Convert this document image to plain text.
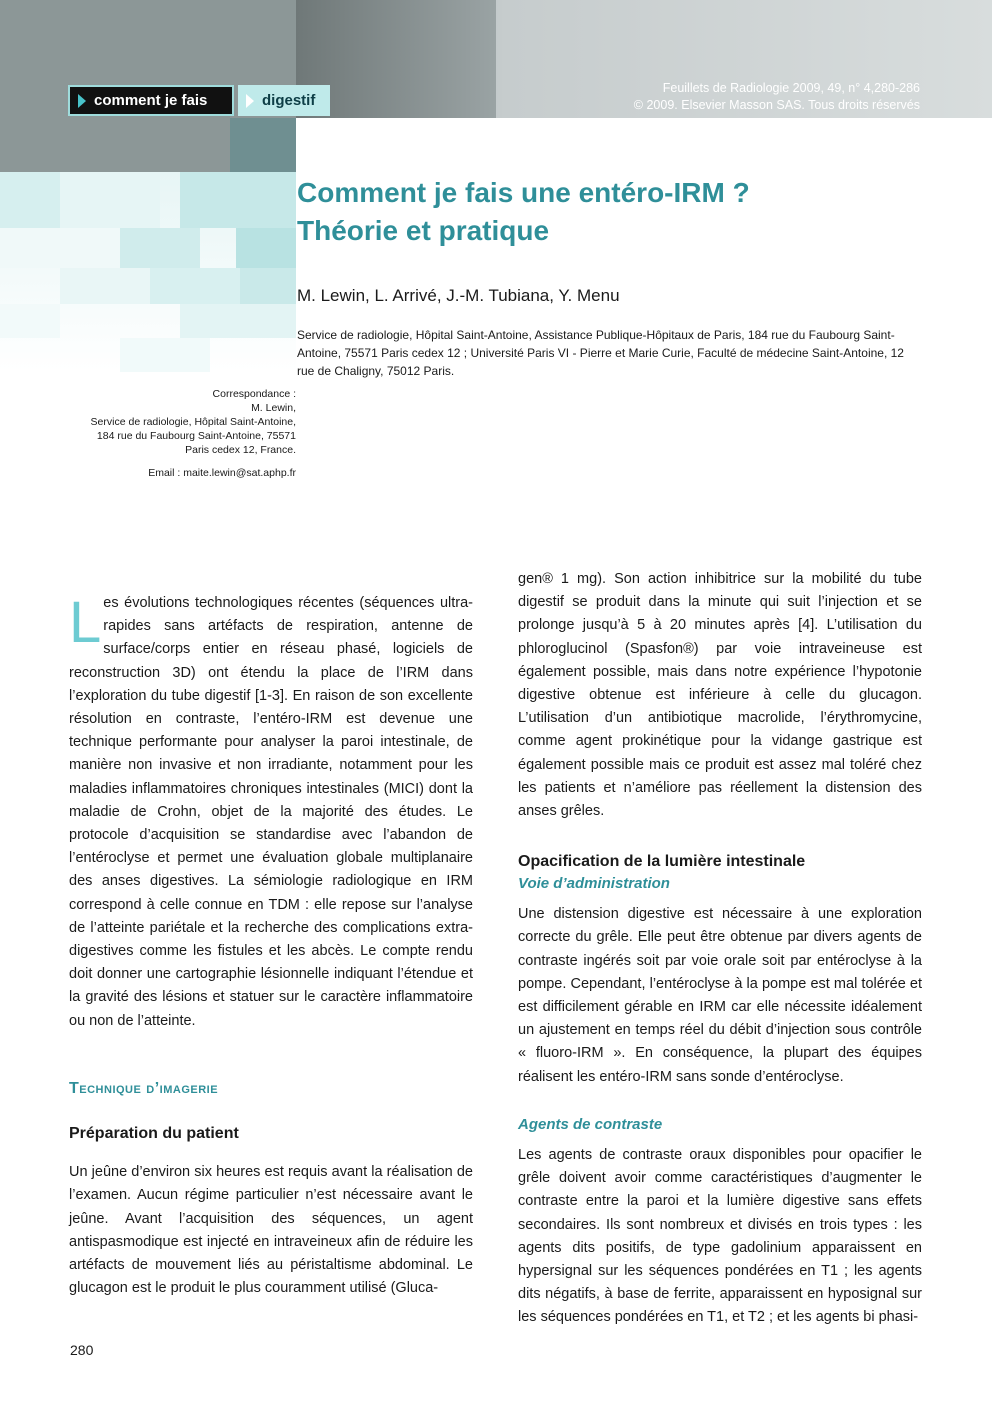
comment je fais	digestif
Feuillets de Radiologie 2009, 49, n° 4,280-286
© 2009. Elsevier Masson SAS. Tous droits réservés
Comment je fais une entéro-IRM ?
Théorie et pratique

M. Lewin, L. Arrivé, J.-M. Tubiana, Y. Menu

Service de radiologie, Hôpital Saint-Antoine, Assistance Publique-Hôpitaux de Paris, 184 rue du Faubourg Saint-Antoine, 75571 Paris cedex 12 ; Université Paris VI - Pierre et Marie Curie, Faculté de médecine Saint-Antoine, 12 rue de Chaligny, 75012 Paris.

Correspondance :
M. Lewin,
Service de radiologie, Hôpital Saint-Antoine,
184 rue du Faubourg Saint-Antoine, 75571
Paris cedex 12, France.
Email : maite.lewin@sat.aphp.fr

Les évolutions technologiques récentes (séquences ultra-rapides sans artéfacts de respiration, antenne de surface/corps entier en réseau phasé, logiciels de reconstruction 3D) ont étendu la place de l’IRM dans l’exploration du tube digestif [1-3]. En raison de son excellente résolution en contraste, l’entéro-IRM est devenue une technique performante pour analyser la paroi intestinale, de manière non invasive et non irradiante, notamment pour les maladies inflammatoires chroniques intestinales (MICI) dont la maladie de Crohn, objet de la majorité des études. Le protocole d’acquisition se standardise avec l’abandon de l’entéroclyse et permet une évaluation globale multiplanaire des anses digestives. La sémiologie radiologique en IRM correspond à celle connue en TDM : elle repose sur l’analyse de l’atteinte pariétale et la recherche des complications extra-digestives comme les fistules et les abcès. Le compte rendu doit donner une cartographie lésionnelle indiquant l’étendue et la gravité des lésions et statuer sur le caractère inflammatoire ou non de l’atteinte.

Technique d’imagerie

Préparation du patient

Un jeûne d’environ six heures est requis avant la réalisation de l’examen. Aucun régime particulier n’est nécessaire avant le jeûne. Avant l’acquisition des séquences, un agent antispasmodique est injecté en intraveineux afin de réduire les artéfacts de mouvement liés au péristaltisme abdominal. Le glucagon est le produit le plus couramment utilisé (Gluca-

gen® 1 mg). Son action inhibitrice sur la mobilité du tube digestif se produit dans la minute qui suit l’injection et se prolonge jusqu’à 5 à 20 minutes après [4]. L’utilisation du phloroglucinol (Spasfon®) par voie intraveineuse est également possible, mais dans notre expérience l’hypotonie digestive obtenue est inférieure à celle du glucagon. L’utilisation d’un antibiotique macrolide, l’érythromycine, comme agent prokinétique pour la vidange gastrique est également possible mais ce produit est assez mal toléré chez les patients et n’améliore pas réellement la distension des anses grêles.

Opacification de la lumière intestinale

Voie d’administration

Une distension digestive est nécessaire à une exploration correcte du grêle. Elle peut être obtenue par divers agents de contraste ingérés soit par voie orale soit par entéroclyse à la pompe. Cependant, l’entéroclyse à la pompe est mal tolérée et est difficilement gérable en IRM car elle nécessite idéalement un ajustement en temps réel du débit d’injection sous contrôle « fluoro-IRM ». En conséquence, la plupart des équipes réalisent les entéro-IRM sans sonde d’entéroclyse.

Agents de contraste

Les agents de contraste oraux disponibles pour opacifier le grêle doivent avoir comme caractéristiques d’augmenter le contraste entre la paroi et la lumière digestive sans effets secondaires. Ils sont nombreux et divisés en trois types : les agents dits positifs, de type gadolinium apparaissent en hypersignal sur les séquences pondérées en T1 ; les agents dits négatifs, à base de ferrite, apparaissent en hyposignal sur les séquences pondérées en T1, et T2 ; et les agents bi phasi-

280
